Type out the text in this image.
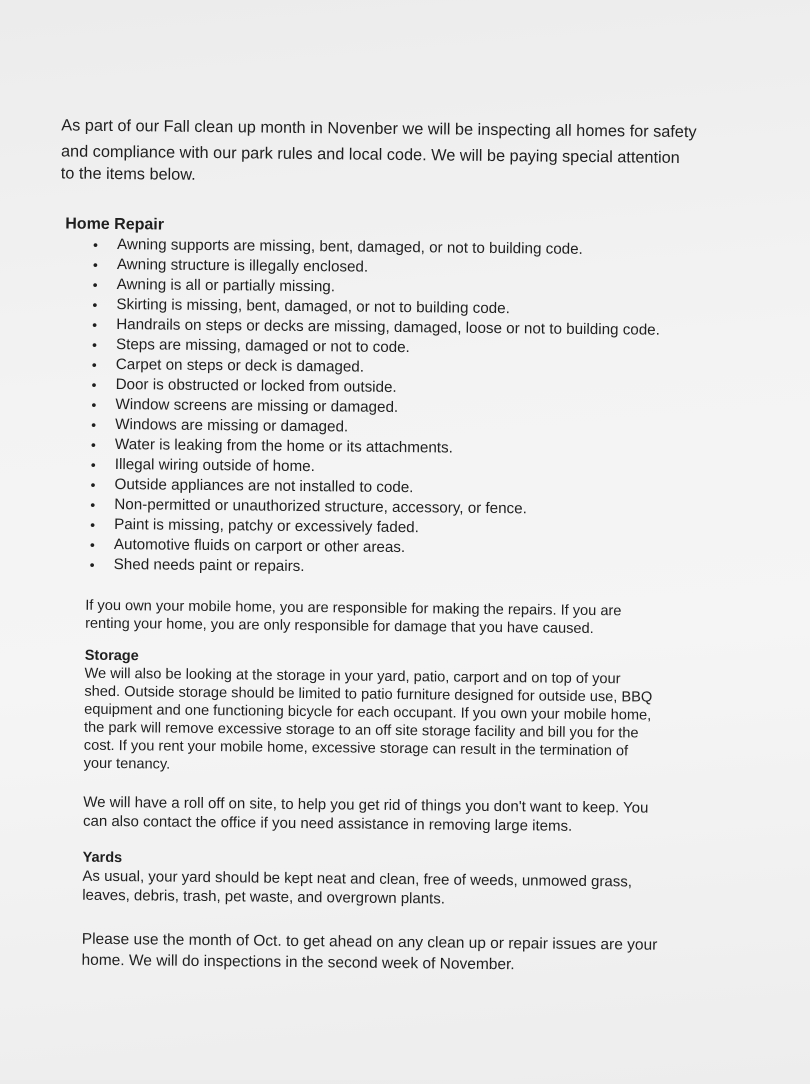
As part of our Fall clean up month in Novenber we will be inspecting all homes for safety
and compliance with our park rules and local code. We will be paying special attention
to the items below.
Home Repair
• Awning supports are missing, bent, damaged, or not to building code.
• Awning structure is illegally enclosed.
• Awning is all or partially missing.
• Skirting is missing, bent, damaged, or not to building code.
• Handrails on steps or decks are missing, damaged, loose or not to building code.
• Steps are missing, damaged or not to code.
• Carpet on steps or deck is damaged.
• Door is obstructed or locked from outside.
• Window screens are missing or damaged.
• Windows are missing or damaged.
• Water is leaking from the home or its attachments.
• Illegal wiring outside of home.
• Outside appliances are not installed to code.
• Non-permitted or unauthorized structure, accessory, or fence.
• Paint is missing, patchy or excessively faded.
• Automotive fluids on carport or other areas.
• Shed needs paint or repairs.
If you own your mobile home, you are responsible for making the repairs. If you are
renting your home, you are only responsible for damage that you have caused.
Storage
We will also be looking at the storage in your yard, patio, carport and on top of your
shed. Outside storage should be limited to patio furniture designed for outside use, BBQ
equipment and one functioning bicycle for each occupant. If you own your mobile home,
the park will remove excessive storage to an off site storage facility and bill you for the
cost. If you rent your mobile home, excessive storage can result in the termination of
your tenancy.
We will have a roll off on site, to help you get rid of things you don't want to keep. You
can also contact the office if you need assistance in removing large items.
Yards
As usual, your yard should be kept neat and clean, free of weeds, unmowed grass,
leaves, debris, trash, pet waste, and overgrown plants.
Please use the month of Oct. to get ahead on any clean up or repair issues are your
home. We will do inspections in the second week of November.
